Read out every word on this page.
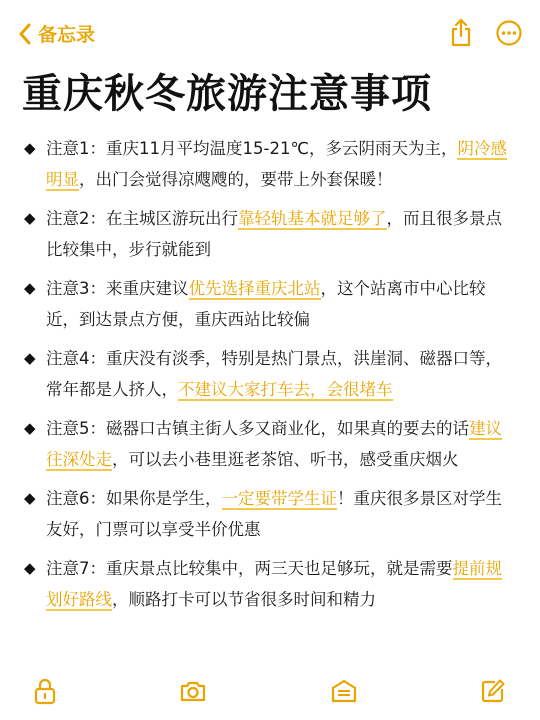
备忘录
重庆秋冬旅游注意事项
◆ 注意1：重庆11月平均温度15-21℃，多云阴雨天为主，阴冷感明显，出门会觉得凉飕飕的，要带上外套保暖！
◆ 注意2：在主城区游玩出行靠轻轨基本就足够了，而且很多景点比较集中，步行就能到
◆ 注意3：来重庆建议优先选择重庆北站，这个站离市中心比较近，到达景点方便，重庆西站比较偏
◆ 注意4：重庆没有淡季，特别是热门景点，洪崖洞、磁器口等，常年都是人挤人，不建议大家打车去，会很堵车
◆ 注意5：磁器口古镇主街人多又商业化，如果真的要去的话建议往深处走，可以去小巷里逛老茶馆、听书，感受重庆烟火
◆ 注意6：如果你是学生，一定要带学生证！重庆很多景区对学生友好，门票可以享受半价优惠
◆ 注意7：重庆景点比较集中，两三天也足够玩，就是需要提前规划好路线，顺路打卡可以节省很多时间和精力
